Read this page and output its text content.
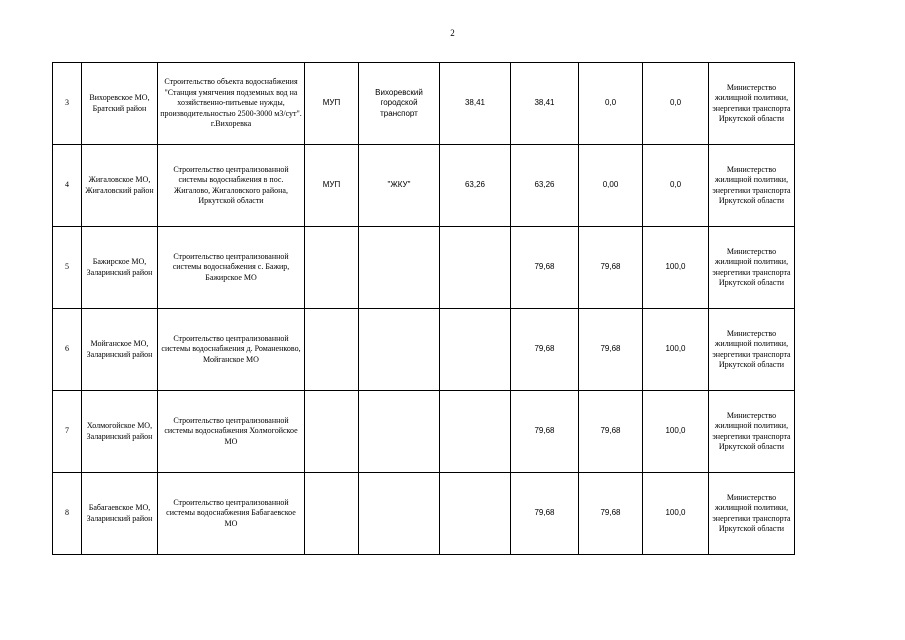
2
3	Вихоревское МО, Братский район	Строительство объекта водоснабжения "Станция умягчения подземных вод на хозяйственно-питьевые нужды, производительностью 2500-3000 м3/сут". г.Вихоревка	МУП	Вихоревский городской транспорт	38,41	38,41	0,0	0,0	Министерство жилищной политики, энергетики транспорта Иркутской области
4	Жигаловское МО, Жигаловский район	Строительство централизованной системы водоснабжения в пос. Жигалово, Жигаловского района, Иркутской области	МУП	"ЖКУ"	63,26	63,26	0,00	0,0	Министерство жилищной политики, энергетики транспорта Иркутской области
5	Бажирское МО, Заларинский район	Строительство централизованной системы водоснабжения с. Бажир, Бажирское МО				79,68	79,68	100,0	Министерство жилищной политики, энергетики транспорта Иркутской области
6	Мойганское МО, Заларинский район	Строительство централизованной системы водоснабжения д. Романенково, Мойганское МО				79,68	79,68	100,0	Министерство жилищной политики, энергетики транспорта Иркутской области
7	Холмогойское МО, Заларинский район	Строительство централизованной системы водоснабжения Холмогойское МО				79,68	79,68	100,0	Министерство жилищной политики, энергетики транспорта Иркутской области
8	Бабагаевское МО, Заларинский район	Строительство централизованной системы водоснабжения Бабагаевское МО				79,68	79,68	100,0	Министерство жилищной политики, энергетики транспорта Иркутской области
